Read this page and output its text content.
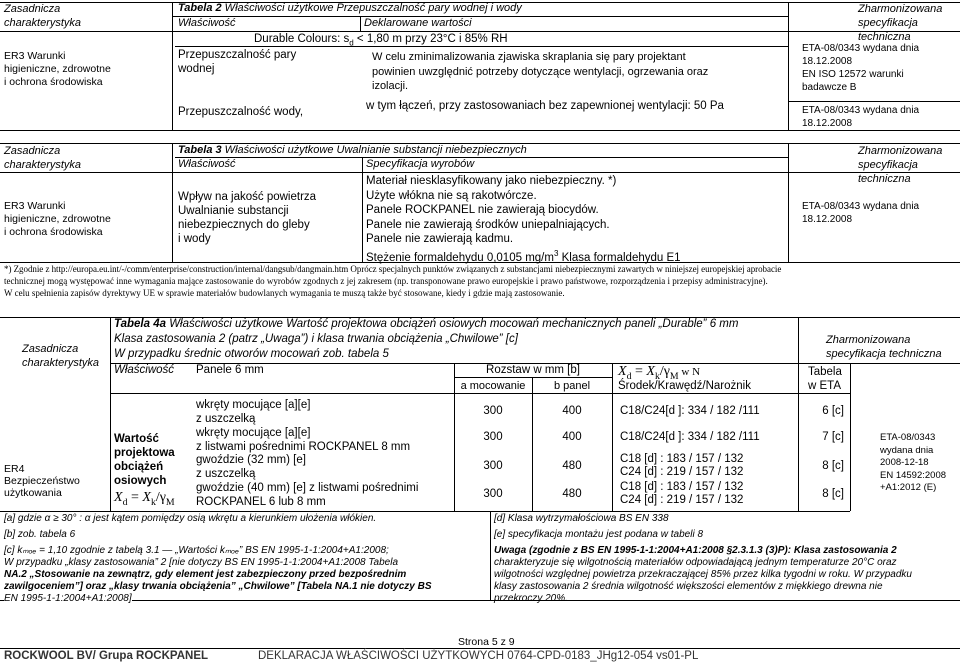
Zasadnicza
charakterystyka
Tabela 2 Właściwości użytkowe Przepuszczalność pary wodnej i wody
Właściwość	Deklarowane wartości
Zharmonizowana
specyfikacja techniczna
ER3 Warunki
higieniczne, zdrowotne
i ochrona środowiska
Przepuszczalność pary
wodnej
Durable Colours: $s_d < 1,80$ m przy 23°C i 85% RH
W celu zminimalizowania zjawiska skraplania się pary projektant
powinien uwzględnić potrzeby dotyczące wentylacji, ogrzewania oraz
izolacji.
ETA-08/0343 wydana dnia
18.12.2008
EN ISO 12572 warunki
badawcze B
Przepuszczalność wody,	w tym łączeń, przy zastosowaniach bez zapewnionej wentylacji: 50 Pa	ETA-08/0343 wydana dnia
18.12.2008
Zasadnicza
charakterystyka
Tabela 3 Właściwości użytkowe Uwalnianie substancji niebezpiecznych
Właściwość	Specyfikacja wyrobów
Zharmonizowana
specyfikacja techniczna
ER3 Warunki
higieniczne, zdrowotne
i ochrona środowiska
Wpływ na jakość powietrza
Uwalnianie substancji
niebezpiecznych do gleby
i wody
Materiał niesklasyfikowany jako niebezpieczny. *)
Użyte włókna nie są rakotwórcze.
Panele ROCKPANEL nie zawierają biocydów.
Panele nie zawierają środków uniepalniających.
Panele nie zawierają kadmu.
Stężenie formaldehydu 0,0105 $mg/m^3$ Klasa formaldehydu E1
ETA-08/0343 wydana dnia
18.12.2008
*) Zgodnie z http://europa.eu.int/-/comm/enterprise/construction/internal/dangsub/dangmain.htm Oprócz specjalnych punktów związanych z substancjami niebezpiecznymi zawartych w niniejszej europejskiej aprobacie
technicznej mogą występować inne wymagania mające zastosowanie do wyrobów zgodnych z jej zakresem (np. transponowane prawo europejskie i prawo państwowe, rozporządzenia i przepisy administracyjne).
W celu spełnienia zapisów dyrektywy UE w sprawie materiałów budowlanych wymagania te muszą także być stosowane, kiedy i gdzie mają zastosowanie.
Zasadnicza
charakterystyka
Tabela 4a Właściwości użytkowe Wartość projektowa obciążeń osiowych mocowań mechanicznych paneli „Durable” 6 mm
Klasa zastosowania 2 (patrz „Uwaga”) i klasa trwania obciążenia „Chwilowe” [c]
W przypadku średnic otworów mocowań zob. tabela 5
Zharmonizowana
specyfikacja techniczna
Właściwość Panele 6 mm	Rozstaw w mm [b]
a mocowanie	b panel
$X_d = X_k/\gamma_M$ w N
Środek/Krawędź/Narożnik
Tabela
w ETA
ER4
Bezpieczeństwo
użytkowania
Wartość
projektowa
obciążeń
osiowych
$X_d = X_k/\gamma_M$
wkręty mocujące [a][e]
z uszczelką
300	400	C18/C24[d ]: 334 / 182 /111	6 [c]
wkręty mocujące [a][e]
z listwami pośrednimi ROCKPANEL 8 mm
300	400	C18/C24[d ]: 334 / 182 /111	7 [c]
gwoździe (32 mm) [e]
z uszczelką
300	480
C18 [d] : 183 / 157 / 132
C24 [d] : 219 / 157 / 132	8 [c]
gwoździe (40 mm) [e] z listwami pośrednimi
ROCKPANEL 6 lub 8 mm
300	480
C18 [d] : 183 / 157 / 132
C24 [d] : 219 / 157 / 132	8 [c]
ETA-08/0343
wydana dnia
2008-12-18
EN 14592:2008
+A1:2012 (E)
[a] gdzie α ≥ 30° : α jest kątem pomiędzy osią wkrętu a kierunkiem ułożenia włókien.
[b] zob. tabela 6
[c] kₘₒₑ = 1,10 zgodnie z tabelą 3.1 — „Wartości kₘₒₑ” BS EN 1995-1-1:2004+A1:2008;
W przypadku „klasy zastosowania” 2 [nie dotyczy BS EN 1995-1-1:2004+A1:2008 Tabela
NA.2 „Stosowanie na zewnątrz, gdy element jest zabezpieczony przed bezpośrednim
zawilgoceniem”] oraz „klasy trwania obciążenia” „Chwilowe” [Tabela NA.1 nie dotyczy BS
EN 1995-1-1:2004+A1:2008]
[d] Klasa wytrzymałościowa BS EN 338
[e] specyfikacja montażu jest podana w tabeli 8
Uwaga (zgodnie z BS EN 1995-1-1:2004+A1:2008 §2.3.1.3 (3)P): Klasa zastosowania 2
charakteryzuje się wilgotnością materiałów odpowiadającą jednym temperaturze 20°C oraz
wilgotności względnej powietrza przekraczającej 85% przez kilka tygodni w roku. W przypadku
klasy zastosowania 2 średnia wilgotność większości elementów z miękkiego drewna nie
przekroczy 20%.
Strona 5 z 9
ROCKWOOL BV/ Grupa ROCKPANEL	DEKLARACJA WŁAŚCIWOŚCI UŻYTKOWYCH 0764-CPD-0183_JHg12-054 vs01-PL
